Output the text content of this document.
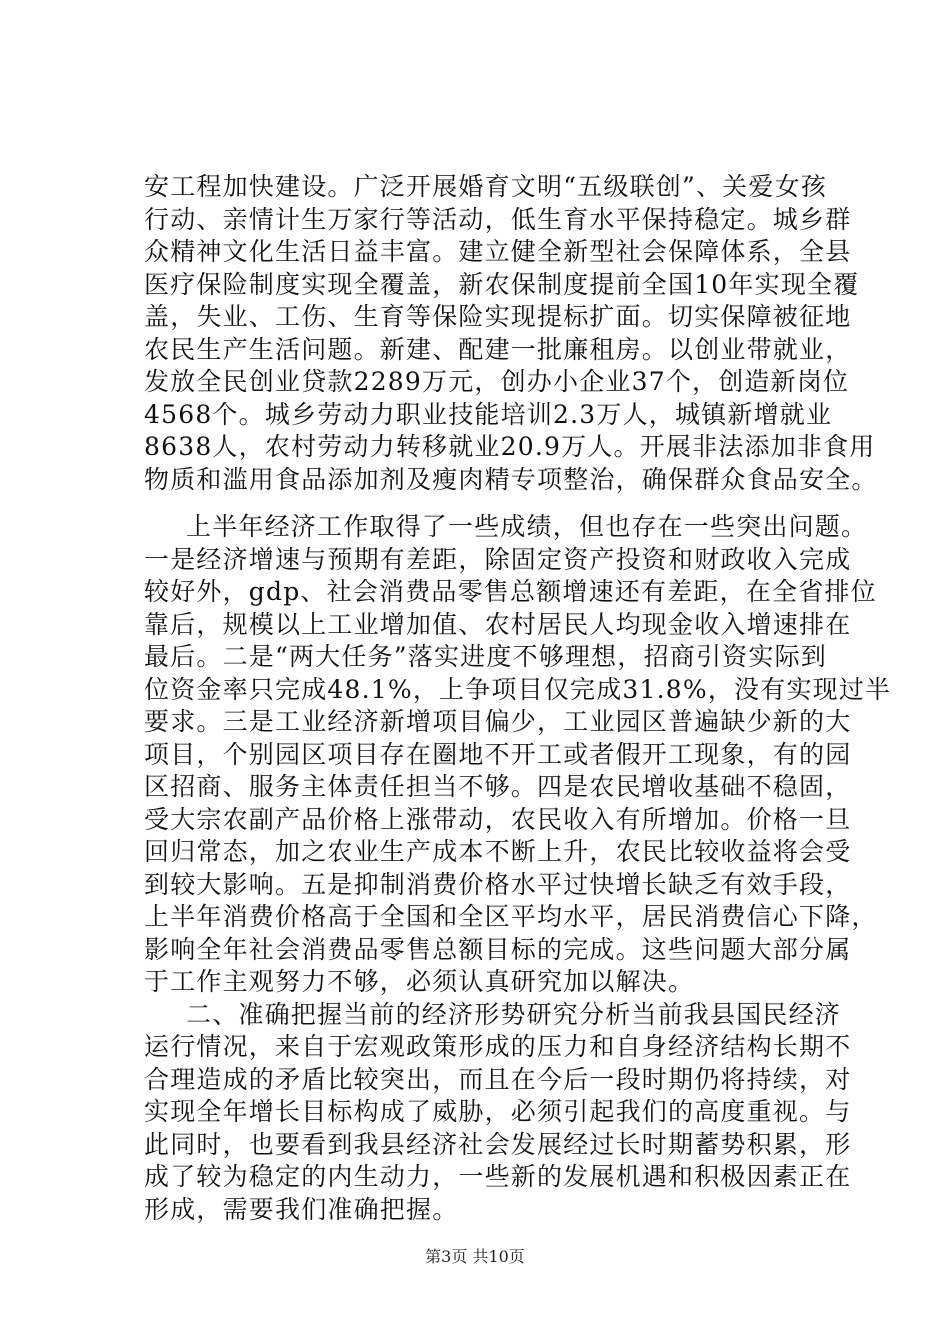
安工程加快建设。广泛开展婚育文明“五级联创”、关爱女孩
行动、亲情计生万家行等活动，低生育水平保持稳定。城乡群
众精神文化生活日益丰富。建立健全新型社会保障体系，全县
医疗保险制度实现全覆盖，新农保制度提前全国10年实现全覆
盖，失业、工伤、生育等保险实现提标扩面。切实保障被征地
农民生产生活问题。新建、配建一批廉租房。以创业带就业，
发放全民创业贷款2289万元，创办小企业37个，创造新岗位
4568个。城乡劳动力职业技能培训2.3万人，城镇新增就业
8638人，农村劳动力转移就业20.9万人。开展非法添加非食用
物质和滥用食品添加剂及瘦肉精专项整治，确保群众食品安全。
上半年经济工作取得了一些成绩，但也存在一些突出问题。
一是经济增速与预期有差距，除固定资产投资和财政收入完成
较好外，gdp、社会消费品零售总额增速还有差距，在全省排位
靠后，规模以上工业增加值、农村居民人均现金收入增速排在
最后。二是“两大任务”落实进度不够理想，招商引资实际到
位资金率只完成48.1%，上争项目仅完成31.8%，没有实现过半
要求。三是工业经济新增项目偏少，工业园区普遍缺少新的大
项目，个别园区项目存在圈地不开工或者假开工现象，有的园
区招商、服务主体责任担当不够。四是农民增收基础不稳固，
受大宗农副产品价格上涨带动，农民收入有所增加。价格一旦
回归常态，加之农业生产成本不断上升，农民比较收益将会受
到较大影响。五是抑制消费价格水平过快增长缺乏有效手段，
上半年消费价格高于全国和全区平均水平，居民消费信心下降，
影响全年社会消费品零售总额目标的完成。这些问题大部分属
于工作主观努力不够，必须认真研究加以解决。
二、准确把握当前的经济形势研究分析当前我县国民经济
运行情况，来自于宏观政策形成的压力和自身经济结构长期不
合理造成的矛盾比较突出，而且在今后一段时期仍将持续，对
实现全年增长目标构成了威胁，必须引起我们的高度重视。与
此同时，也要看到我县经济社会发展经过长时期蓄势积累，形
成了较为稳定的内生动力，一些新的发展机遇和积极因素正在
形成，需要我们准确把握。
第3页 共10页
